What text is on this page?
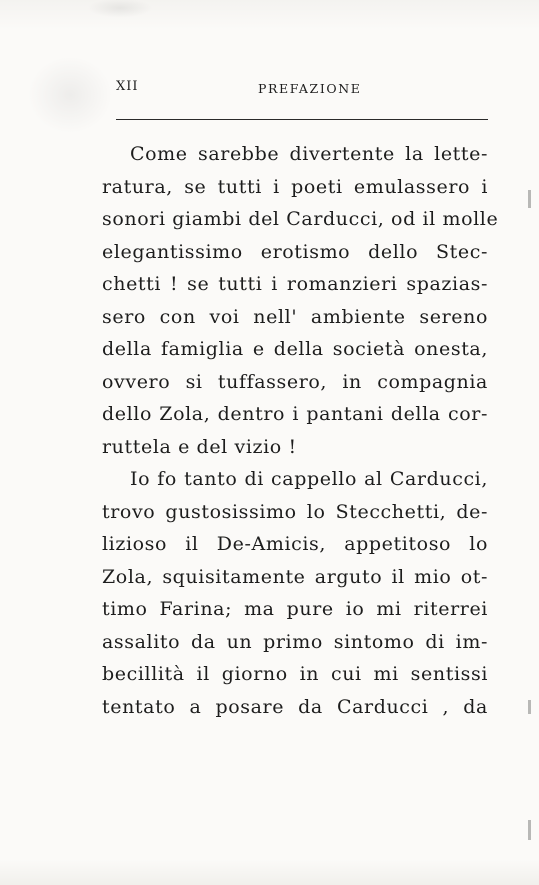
XII	PREFAZIONE
Come sarebbe divertente la lette-
ratura, se tutti i poeti emulassero i
sonori giambi del Carducci, od il molle
elegantissimo erotismo dello Stec-
chetti ! se tutti i romanzieri spazias-
sero con voi nell' ambiente sereno
della famiglia e della società onesta,
ovvero si tuffassero, in compagnia
dello Zola, dentro i pantani della cor-
ruttela e del vizio !
Io fo tanto di cappello al Carducci,
trovo gustosissimo lo Stecchetti, de-
lizioso il De-Amicis, appetitoso lo
Zola, squisitamente arguto il mio ot-
timo Farina; ma pure io mi riterrei
assalito da un primo sintomo di im-
becillità il giorno in cui mi sentissi
tentato a posare da Carducci , da
